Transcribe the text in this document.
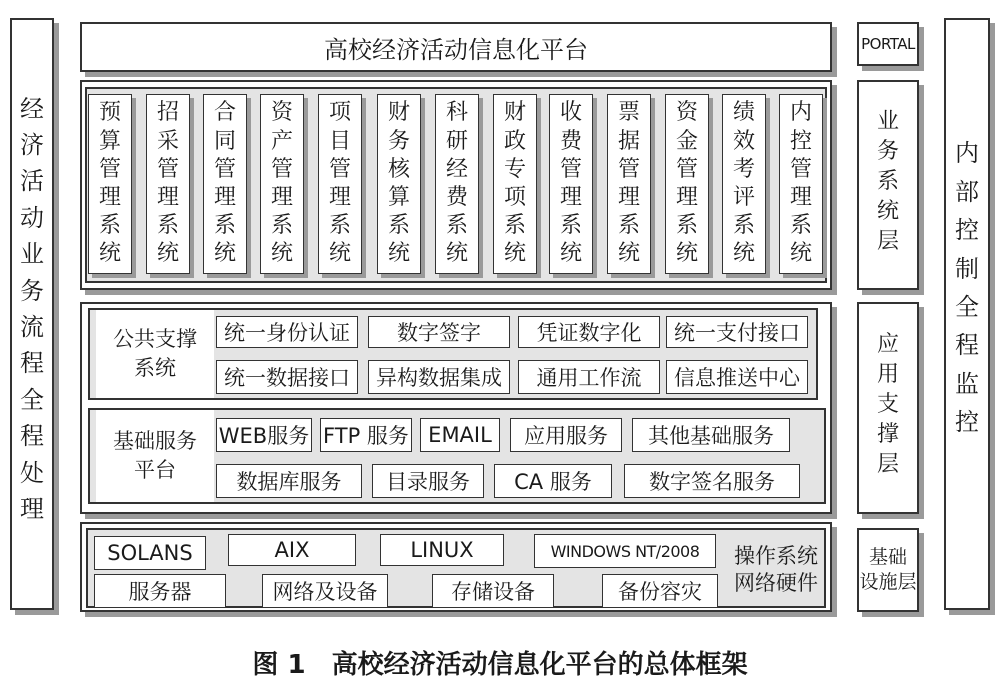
经
济
活
动
业
务
流
程
全
程
处
理
内
部
控
制
全
程
监
控
高校经济活动信息化平台	PORTAL
预
算
管
理
系
统
招
采
管
理
系
统
合
同
管
理
系
统
资
产
管
理
系
统
项
目
管
理
系
统
财
务
核
算
系
统
科
研
经
费
系
统
财
政
专
项
系
统
收
费
管
理
系
统
票
据
管
理
系
统
资
金
管
理
系
统
绩
效
考
评
系
统
内
控
管
理
系
统
业
务
系
统
层
公共支撑
系统
统一身份认证	数字签字	凭证数字化	统一支付接口
统一数据接口	异构数据集成	通用工作流	信息推送中心
基础服务
平台
WEB服务 FTP 服务 EMAIL	应用服务	其他基础服务
数据库服务	目录服务	CA 服务	数字签名服务
应
用
支
撑
层
SOLANS	AIX	LINUX	WINDOWS NT/2008
服务器	网络及设备	存储设备	备份容灾
操作系统
网络硬件
基础
设施层
图 1　高校经济活动信息化平台的总体框架
